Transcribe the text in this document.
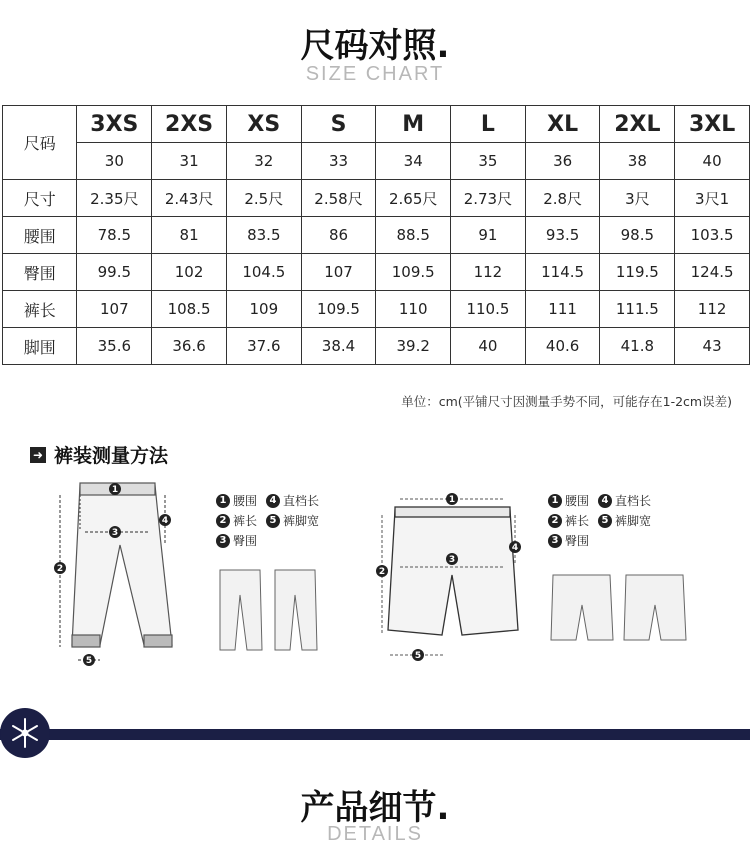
尺码对照.
SIZE CHART
尺码	3XS	2XS	XS	S	M	L	XL	2XL	3XL
	30	31	32	33	34	35	36	38	40
尺寸	2.35尺	2.43尺	2.5尺	2.58尺	2.65尺	2.73尺	2.8尺	3尺	3尺1
腰围	78.5	81	83.5	86	88.5	91	93.5	98.5	103.5
臀围	99.5	102	104.5	107	109.5	112	114.5	119.5	124.5
裤长	107	108.5	109	109.5	110	110.5	111	111.5	112
脚围	35.6	36.6	37.6	38.4	39.2	40	40.6	41.8	43
单位：cm(平铺尺寸因测量手势不同，可能存在1-2cm误差)
➜ 裤装测量方法
1
2
3
4
5
1 腰围	4 直档长
2 裤长	5 裤脚宽
3 臀围
1
2
3
4
5
1 腰围	4 直档长
2 裤长	5 裤脚宽
3 臀围
产品细节.
DETAILS
